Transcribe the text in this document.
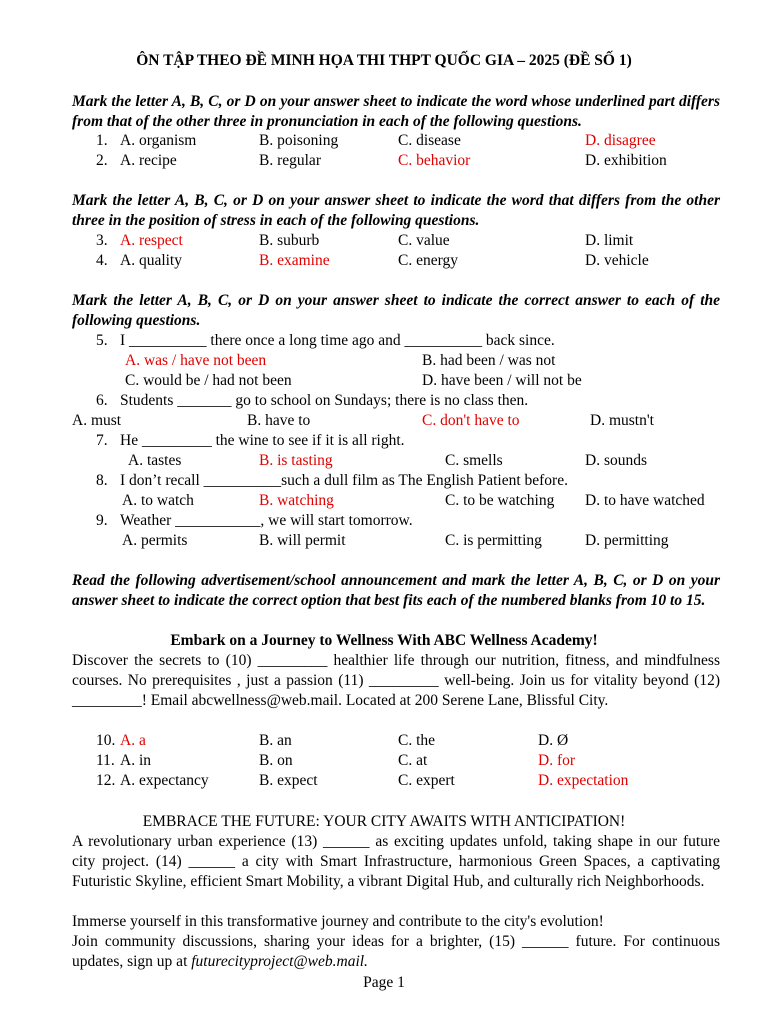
ÔN TẬP THEO ĐỀ MINH HỌA THI THPT QUỐC GIA – 2025 (ĐỀ SỐ 1)
Mark the letter A, B, C, or D on your answer sheet to indicate the word whose underlined part differs from that of the other three in pronunciation in each of the following questions.
1. A. organism	B. poisoning	C. disease	D. disagree
2. A. recipe	B. regular	C. behavior	D. exhibition
Mark the letter A, B, C, or D on your answer sheet to indicate the word that differs from the other three in the position of stress in each of the following questions.
3. A. respect	B. suburb	C. value	D. limit
4. A. quality	B. examine	C. energy	D. vehicle
Mark the letter A, B, C, or D on your answer sheet to indicate the correct answer to each of the following questions.
5. I __________ there once a long time ago and __________ back since.
A. was / have not been	B. had been / was not
C. would be / had not been	D. have been / will not be
6. Students _______ go to school on Sundays; there is no class then.
A. must	B. have to	C. don't have to	D. mustn't
7. He _________ the wine to see if it is all right.
A. tastes	B. is tasting	C. smells	D. sounds
8. I don’t recall __________such a dull film as The English Patient before.
A. to watch	B. watching	C. to be watching D. to have watched
9. Weather ___________, we will start tomorrow.
A. permits	B. will permit	C. is permitting	D. permitting
Read the following advertisement/school announcement and mark the letter A, B, C, or D on your answer sheet to indicate the correct option that best fits each of the numbered blanks from 10 to 15.
Embark on a Journey to Wellness With ABC Wellness Academy!
Discover the secrets to (10) _________ healthier life through our nutrition, fitness, and mindfulness courses. No prerequisites , just a passion (11) _________ well-being. Join us for vitality beyond (12) _________! Email abcwellness@web.mail. Located at 200 Serene Lane, Blissful City.
10. A. a	B. an	C. the	D. Ø
11. A. in	B. on	C. at	D. for
12. A. expectancy	B. expect	C. expert	D. expectation
EMBRACE THE FUTURE: YOUR CITY AWAITS WITH ANTICIPATION!
A revolutionary urban experience (13) ______ as exciting updates unfold, taking shape in our future city project. (14) ______ a city with Smart Infrastructure, harmonious Green Spaces, a captivating Futuristic Skyline, efficient Smart Mobility, a vibrant Digital Hub, and culturally rich Neighborhoods.
Immerse yourself in this transformative journey and contribute to the city's evolution!
Join community discussions, sharing your ideas for a brighter, (15) ______ future. For continuous updates, sign up at futurecityproject@web.mail.
Page 1
